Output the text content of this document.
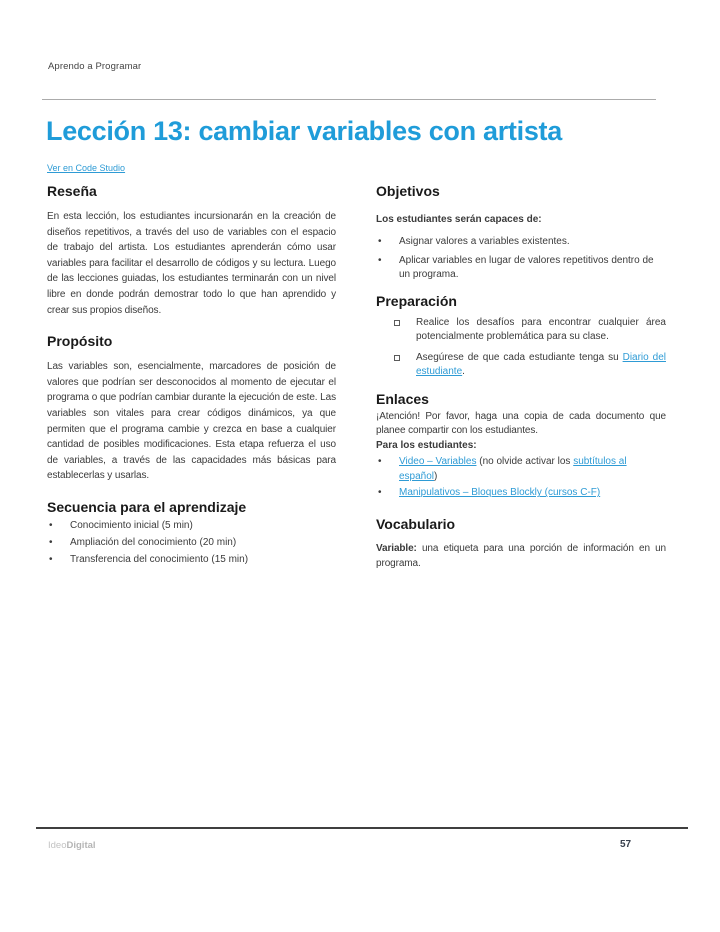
Aprendo a Programar
Lección 13: cambiar variables con artista
Ver en Code Studio
Reseña
En esta lección, los estudiantes incursionarán en la creación de diseños repetitivos, a través del uso de variables con el espacio de trabajo del artista. Los estudiantes aprenderán cómo usar variables para facilitar el desarrollo de códigos y su lectura. Luego de las lecciones guiadas, los estudiantes terminarán con un nivel libre en donde podrán demostrar todo lo que han aprendido y crear sus propios diseños.
Propósito
Las variables son, esencialmente, marcadores de posición de valores que podrían ser desconocidos al momento de ejecutar el programa o que podrían cambiar durante la ejecución de este. Las variables son vitales para crear códigos dinámicos, ya que permiten que el programa cambie y crezca en base a cualquier cantidad de posibles modificaciones. Esta etapa refuerza el uso de variables, a través de las capacidades más básicas para establecerlas y usarlas.
Secuencia para el aprendizaje
•	Conocimiento inicial (5 min)
•	Ampliación del conocimiento (20 min)
•	Transferencia del conocimiento (15 min)
Objetivos
Los estudiantes serán capaces de:
•	Asignar valores a variables existentes.
•	Aplicar variables en lugar de valores repetitivos dentro de un programa.
Preparación
Realice los desafíos para encontrar cualquier área potencialmente problemática para su clase.
Asegúrese de que cada estudiante tenga su Diario del estudiante.
Enlaces
¡Atención! Por favor, haga una copia de cada documento que planee compartir con los estudiantes.
Para los estudiantes:
•	Video – Variables (no olvide activar los subtítulos al español)
•	Manipulativos – Bloques Blockly (cursos C-F)
Vocabulario
Variable: una etiqueta para una porción de información en un programa.
IdeoDigital	57
